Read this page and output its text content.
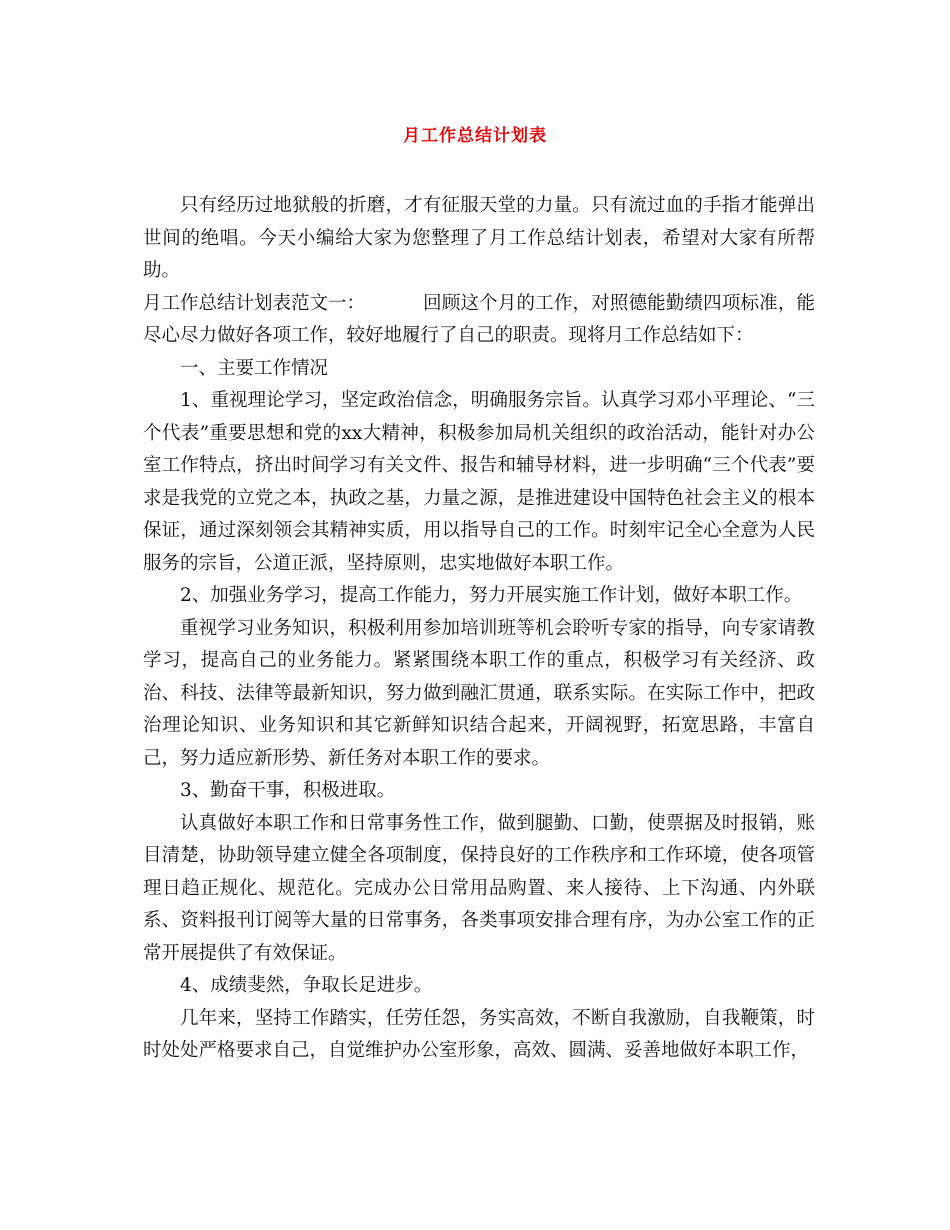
月工作总结计划表

只有经历过地狱般的折磨，才有征服天堂的力量。只有流过血的手指才能弹出世间的绝唱。今天小编给大家为您整理了月工作总结计划表，希望对大家有所帮助。
月工作总结计划表范文一：	回顾这个月的工作，对照德能勤绩四项标准，能尽心尽力做好各项工作，较好地履行了自己的职责。现将月工作总结如下：

一、主要工作情况

1、重视理论学习，坚定政治信念，明确服务宗旨。认真学习邓小平理论、“三个代表”重要思想和党的xx大精神，积极参加局机关组织的政治活动，能针对办公室工作特点，挤出时间学习有关文件、报告和辅导材料，进一步明确“三个代表”要求是我党的立党之本，执政之基，力量之源，是推进建设中国特色社会主义的根本保证，通过深刻领会其精神实质，用以指导自己的工作。时刻牢记全心全意为人民服务的宗旨，公道正派，坚持原则，忠实地做好本职工作。

2、加强业务学习，提高工作能力，努力开展实施工作计划，做好本职工作。

重视学习业务知识，积极利用参加培训班等机会聆听专家的指导，向专家请教学习，提高自己的业务能力。紧紧围绕本职工作的重点，积极学习有关经济、政治、科技、法律等最新知识，努力做到融汇贯通，联系实际。在实际工作中，把政治理论知识、业务知识和其它新鲜知识结合起来，开阔视野，拓宽思路，丰富自己，努力适应新形势、新任务对本职工作的要求。

3、勤奋干事，积极进取。

认真做好本职工作和日常事务性工作，做到腿勤、口勤，使票据及时报销，账目清楚，协助领导建立健全各项制度，保持良好的工作秩序和工作环境，使各项管理日趋正规化、规范化。完成办公日常用品购置、来人接待、上下沟通、内外联系、资料报刊订阅等大量的日常事务，各类事项安排合理有序，为办公室工作的正常开展提供了有效保证。

4、成绩斐然，争取长足进步。

几年来，坚持工作踏实，任劳任怨，务实高效，不断自我激励，自我鞭策，时时处处严格要求自己，自觉维护办公室形象，高效、圆满、妥善地做好本职工作，
